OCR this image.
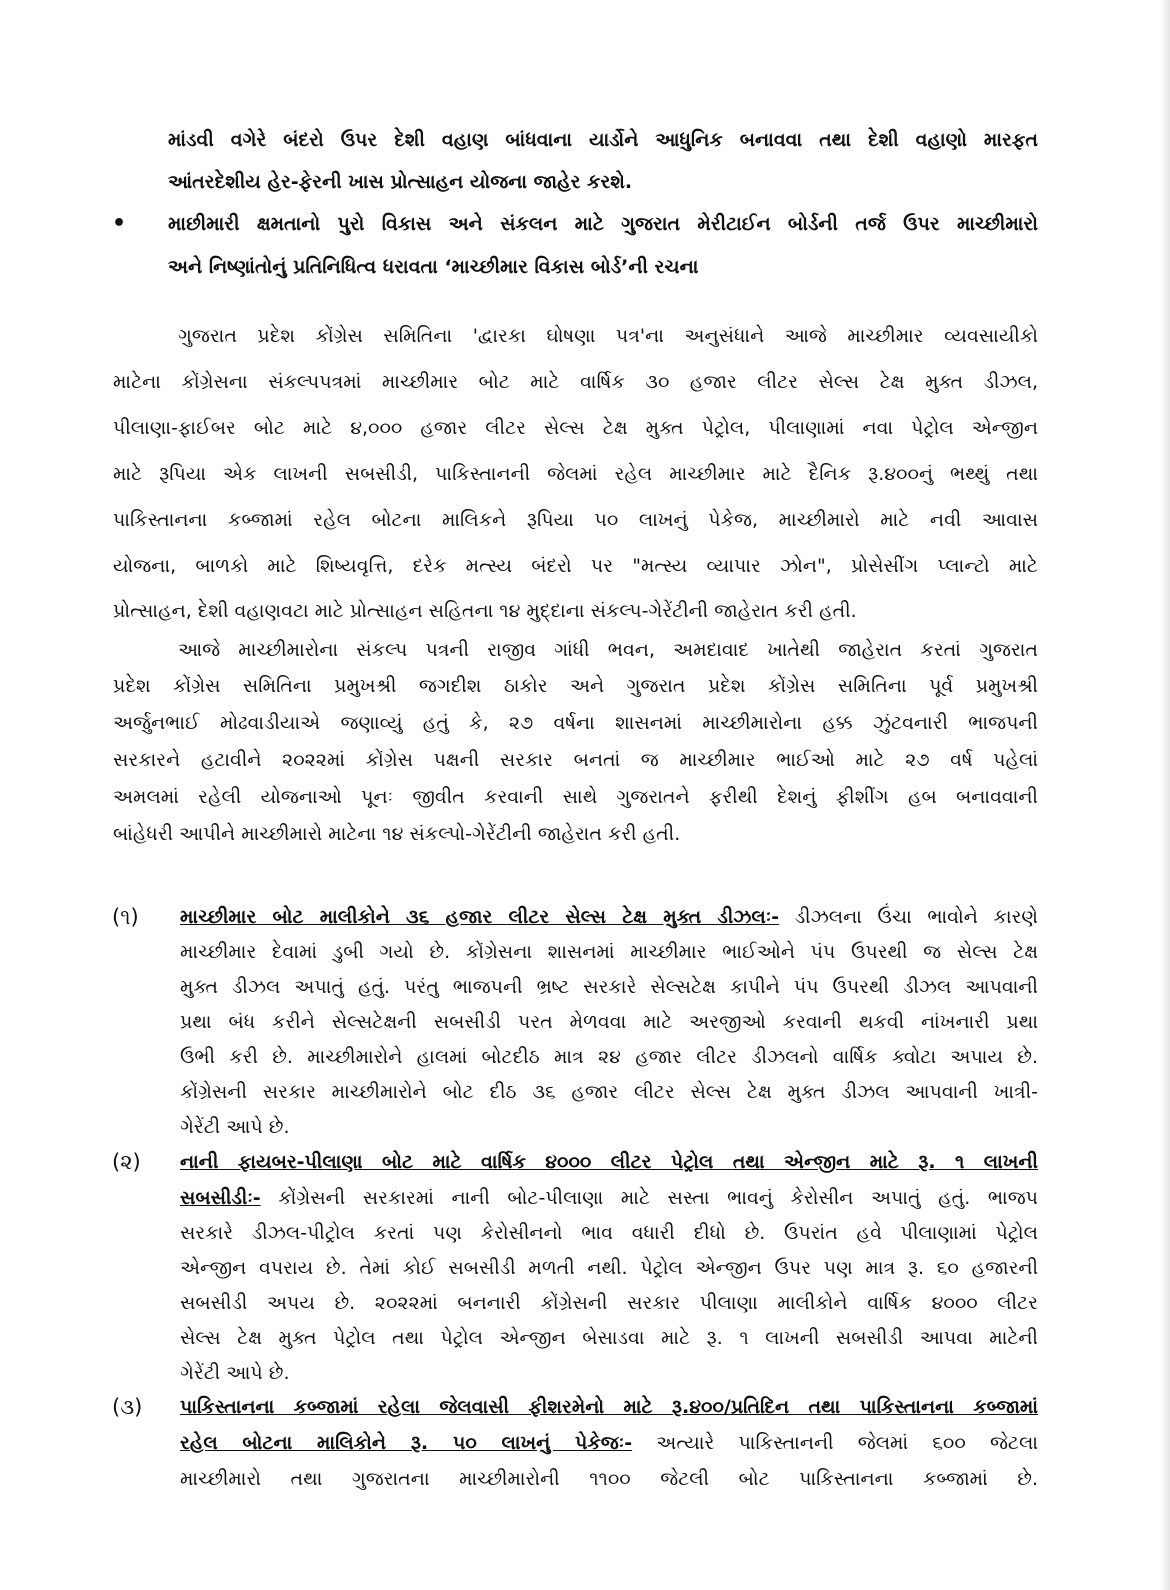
માંડવી વગેરે બંદરો ઉપર દેશી વહાણ બાંધવાના યાર્ડોને આધુનિક બનાવવા તથા દેશી વહાણો મારફત
આંતરદેશીય હેર-ફેરની ખાસ પ્રોત્સાહન યોજના જાહેર કરશે.
• માછીમારી ક્ષમતાનો પુરો વિકાસ અને સંકલન માટે ગુજરાત મેરીટાઈન બોર્ડની તર્જ ઉપર માચ્છીમારો
અને નિષ્ણાંતોનું પ્રતિનિધિત્વ ધરાવતા ‘માચ્છીમાર વિકાસ બોર્ડ’ની રચના
ગુજરાત પ્રદેશ કોંગ્રેસ સમિતિના 'દ્વારકા ઘોષણા પત્ર'ના અનુસંધાને આજે માચ્છીમાર વ્યવસાયીકો
માટેના કોંગ્રેસના સંકલ્પપત્રમાં માચ્છીમાર બોટ માટે વાર્ષિક ૩૦ હજાર લીટર સેલ્સ ટેક્ષ મુક્ત ડીઝલ,
પીલાણા-ફાઈબર બોટ માટે ૪,૦૦૦ હજાર લીટર સેલ્સ ટેક્ષ મુક્ત પેટ્રોલ, પીલાણામાં નવા પેટ્રોલ એન્જીન
માટે રૂપિયા એક લાખની સબસીડી, પાકિસ્તાનની જેલમાં રહેલ માચ્છીમાર માટે દૈનિક રૂ.૪૦૦નું ભથ્થું તથા
પાકિસ્તાનના કબ્જામાં રહેલ બોટના માલિકને રૂપિયા ૫૦ લાખનું પેકેજ, માચ્છીમારો માટે નવી આવાસ
યોજના, બાળકો માટે શિષ્યવૃત્તિ, દરેક મત્સ્ય બંદરો પર "મત્સ્ય વ્યાપાર ઝોન", પ્રોસેસીંગ પ્લાન્ટો માટે
પ્રોત્સાહન, દેશી વહાણવટા માટે પ્રોત્સાહન સહિતના ૧૪ મુદ્દાના સંકલ્પ-ગેરેંટીની જાહેરાત કરી હતી.
આજે માચ્છીમારોના સંકલ્પ પત્રની રાજીવ ગાંધી ભવન, અમદાવાદ ખાતેથી જાહેરાત કરતાં ગુજરાત
પ્રદેશ કોંગ્રેસ સમિતિના પ્રમુખશ્રી જગદીશ ઠાકોર અને ગુજરાત પ્રદેશ કોંગ્રેસ સમિતિના પૂર્વ પ્રમુખશ્રી
અર્જુનભાઈ મોઢવાડીયાએ જણાવ્યું હતું કે, ૨૭ વર્ષના શાસનમાં માચ્છીમારોના હક્ક ઝુંટવનારી ભાજપની
સરકારને હટાવીને ૨૦૨૨માં કોંગ્રેસ પક્ષની સરકાર બનતાં જ માચ્છીમાર ભાઈઓ માટે ૨૭ વર્ષ પહેલાં
અમલમાં રહેલી યોજનાઓ પૂનઃ જીવીત કરવાની સાથે ગુજરાતને ફરીથી દેશનું ફીશીંગ હબ બનાવવાની
બાંહેધરી આપીને માચ્છીમારો માટેના ૧૪ સંકલ્પો-ગેરેંટીની જાહેરાત કરી હતી.
(૧) માચ્છીમાર બોટ માલીકોને ૩૬ હજાર લીટર સેલ્સ ટેક્ષ મુક્ત ડીઝલઃ- ડીઝલના ઉંચા ભાવોને કારણે
માચ્છીમાર દેવામાં ડુબી ગયો છે. કોંગ્રેસના શાસનમાં માચ્છીમાર ભાઈઓને પંપ ઉપરથી જ સેલ્સ ટેક્ષ
મુક્ત ડીઝલ અપાતું હતું. પરંતુ ભાજપની ભ્રષ્ટ સરકારે સેલ્સટેક્ષ કાપીને પંપ ઉપરથી ડીઝલ આપવાની
પ્રથા બંધ કરીને સેલ્સટેક્ષની સબસીડી પરત મેળવવા માટે અરજીઓ કરવાની થકવી નાંખનારી પ્રથા
ઉભી કરી છે. માચ્છીમારોને હાલમાં બોટદીઠ માત્ર ૨૪ હજાર લીટર ડીઝલનો વાર્ષિક ક્વોટા અપાય છે.
કોંગ્રેસની સરકાર માચ્છીમારોને બોટ દીઠ ૩૬ હજાર લીટર સેલ્સ ટેક્ષ મુક્ત ડીઝલ આપવાની ખાત્રી-
ગેરેંટી આપે છે.
(૨) નાની ફાયબર-પીલાણા બોટ માટે વાર્ષિક ૪૦૦૦ લીટર પેટ્રોલ તથા એન્જીન માટે રૂ. ૧ લાખની
સબસીડીઃ- કોંગ્રેસની સરકારમાં નાની બોટ-પીલાણા માટે સસ્તા ભાવનું કેરોસીન અપાતું હતું. ભાજપ
સરકારે ડીઝલ-પીટ્રોલ કરતાં પણ કેરોસીનનો ભાવ વધારી દીધો છે. ઉપરાંત હવે પીલાણામાં પેટ્રોલ
એન્જીન વપરાય છે. તેમાં કોઈ સબસીડી મળતી નથી. પેટ્રોલ એન્જીન ઉપર પણ માત્ર રૂ. ૬૦ હજારની
સબસીડી અપય છે. ૨૦૨૨માં બનનારી કોંગ્રેસની સરકાર પીલાણા માલીકોને વાર્ષિક ૪૦૦૦ લીટર
સેલ્સ ટેક્ષ મુક્ત પેટ્રોલ તથા પેટ્રોલ એન્જીન બેસાડવા માટે રૂ. ૧ લાખની સબસીડી આપવા માટેની
ગેરેંટી આપે છે.
(૩) પાકિસ્તાનના કબ્જામાં રહેલા જેલવાસી ફીશરમેનો માટે રૂ.૪૦૦/પ્રતિદિન તથા પાકિસ્તાનના કબ્જામાં
રહેલ બોટના માલિકોને રૂ. ૫૦ લાખનું પેકેજઃ- અત્યારે પાકિસ્તાનની જેલમાં ૬૦૦ જેટલા
માચ્છીમારો તથા ગુજરાતના માચ્છીમારોની ૧૧૦૦ જેટલી બોટ પાકિસ્તાનના કબ્જામાં છે.
